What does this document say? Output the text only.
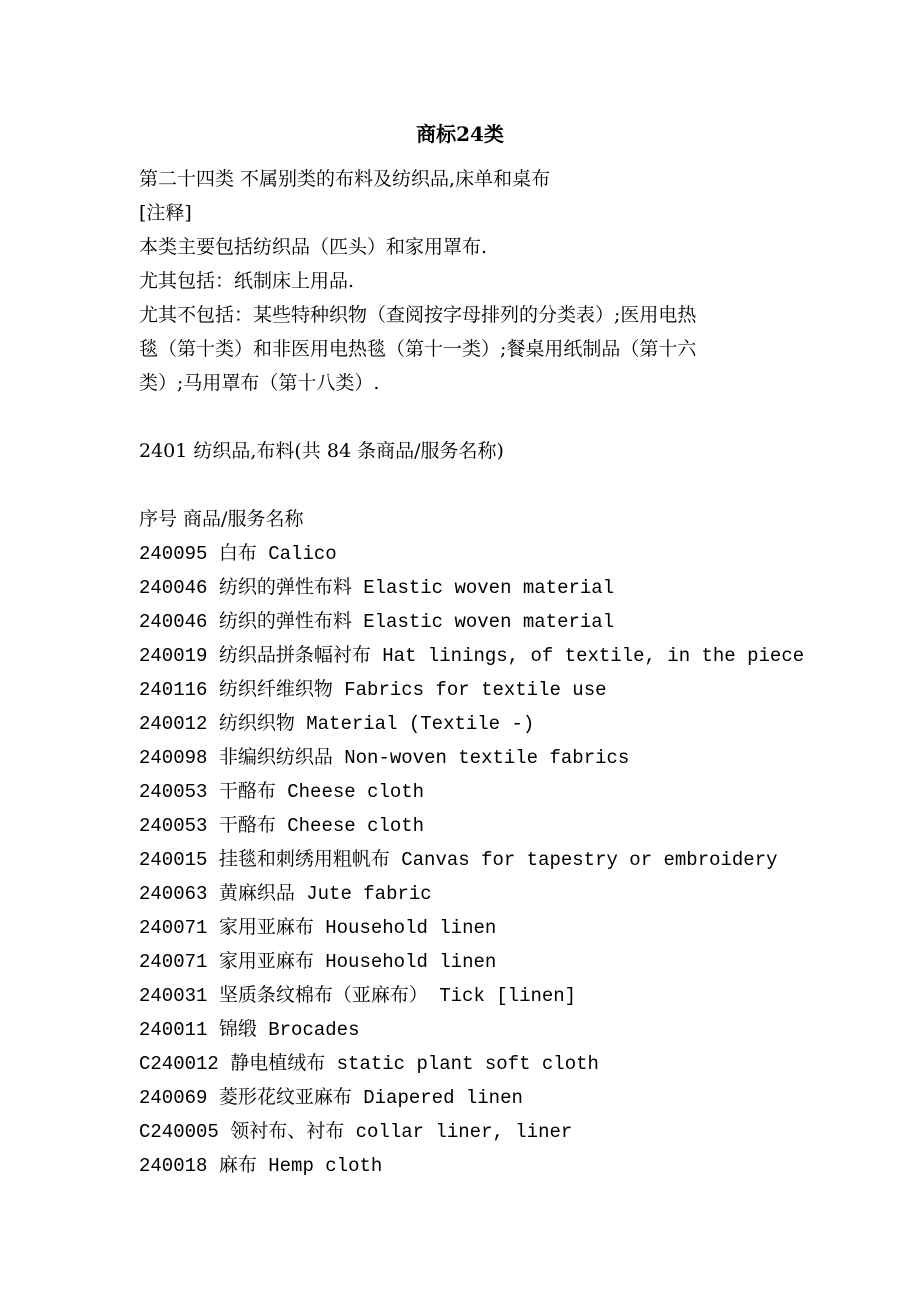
商标24类

第二十四类 不属别类的布料及纺织品,床单和桌布

[注释]

本类主要包括纺织品（匹头）和家用罩布.

尤其包括：纸制床上用品.

尤其不包括：某些特种织物（查阅按字母排列的分类表）;医用电热

毯（第十类）和非医用电热毯（第十一类）;餐桌用纸制品（第十六

类）;马用罩布（第十八类）.

2401 纺织品,布料(共 84 条商品/服务名称)

序号 商品/服务名称

240095 白布 Calico

240046 纺织的弹性布料 Elastic woven material

240046 纺织的弹性布料 Elastic woven material

240019 纺织品拼条幅衬布 Hat linings, of textile, in the piece

240116 纺织纤维织物 Fabrics for textile use

240012 纺织织物 Material (Textile -)

240098 非编织纺织品 Non-woven textile fabrics

240053 干酪布 Cheese cloth

240053 干酪布 Cheese cloth

240015 挂毯和刺绣用粗帆布 Canvas for tapestry or embroidery

240063 黄麻织品 Jute fabric

240071 家用亚麻布 Household linen

240071 家用亚麻布 Household linen

240031 坚质条纹棉布（亚麻布） Tick [linen]

240011 锦缎 Brocades

C240012 静电植绒布 static plant soft cloth

240069 菱形花纹亚麻布 Diapered linen

C240005 领衬布、衬布 collar liner, liner

240018 麻布 Hemp cloth
